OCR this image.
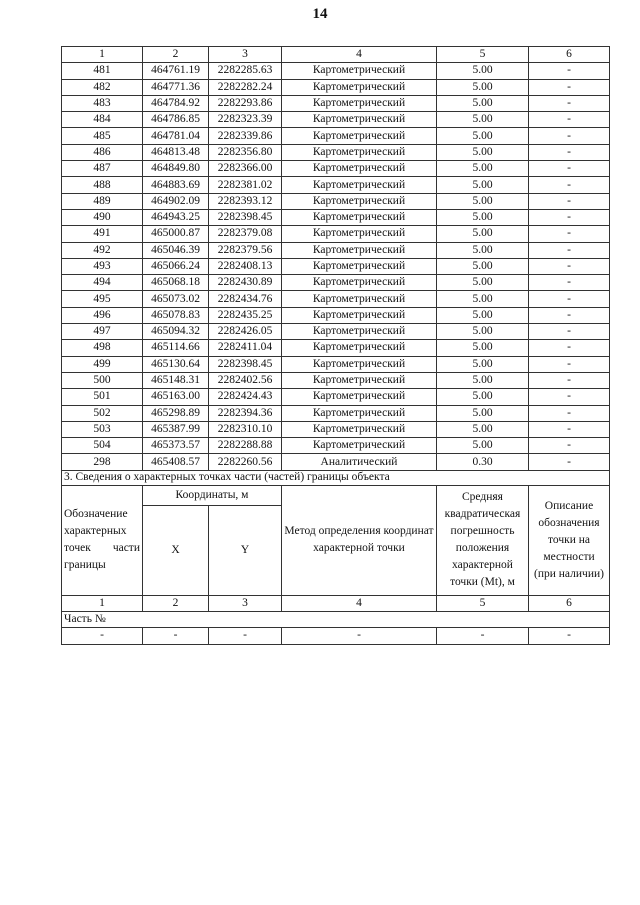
14
1	2	3	4	5	6
481	464761.19	2282285.63	Картометрический	5.00	-
482	464771.36	2282282.24	Картометрический	5.00	-
483	464784.92	2282293.86	Картометрический	5.00	-
484	464786.85	2282323.39	Картометрический	5.00	-
485	464781.04	2282339.86	Картометрический	5.00	-
486	464813.48	2282356.80	Картометрический	5.00	-
487	464849.80	2282366.00	Картометрический	5.00	-
488	464883.69	2282381.02	Картометрический	5.00	-
489	464902.09	2282393.12	Картометрический	5.00	-
490	464943.25	2282398.45	Картометрический	5.00	-
491	465000.87	2282379.08	Картометрический	5.00	-
492	465046.39	2282379.56	Картометрический	5.00	-
493	465066.24	2282408.13	Картометрический	5.00	-
494	465068.18	2282430.89	Картометрический	5.00	-
495	465073.02	2282434.76	Картометрический	5.00	-
496	465078.83	2282435.25	Картометрический	5.00	-
497	465094.32	2282426.05	Картометрический	5.00	-
498	465114.66	2282411.04	Картометрический	5.00	-
499	465130.64	2282398.45	Картометрический	5.00	-
500	465148.31	2282402.56	Картометрический	5.00	-
501	465163.00	2282424.43	Картометрический	5.00	-
502	465298.89	2282394.36	Картометрический	5.00	-
503	465387.99	2282310.10	Картометрический	5.00	-
504	465373.57	2282288.88	Картометрический	5.00	-
298	465408.57	2282260.56	Аналитический	0.30	-
3. Сведения о характерных точках части (частей) границы объекта					

Обозначение
характерных
точек части
границы	Координаты, м		Метод определения координат характерной точки	Средняя квадратическая погрешность положения характерной точки (Mt), м	Описание обозначения точки на местности (при наличии)
	X	Y			
1	2	3	4	5	6
Часть №					
-	-	-	-	-	-
